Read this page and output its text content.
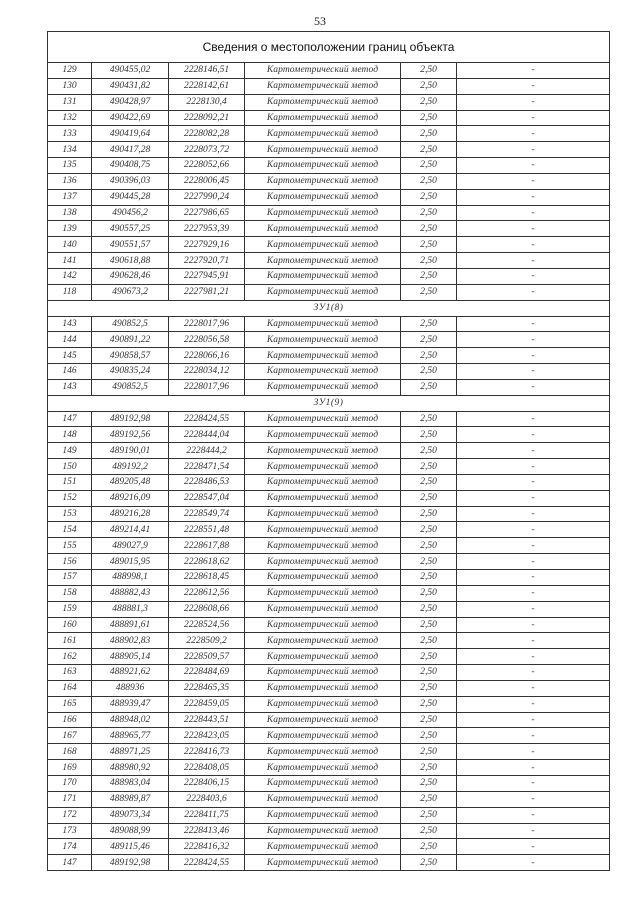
53
Сведения о местоположении границ объекта					
129	490455,02	2228146,51	Картометрический метод	2,50	-
130	490431,82	2228142,61	Картометрический метод	2,50	-
131	490428,97	2228130,4	Картометрический метод	2,50	-
132	490422,69	2228092,21	Картометрический метод	2,50	-
133	490419,64	2228082,28	Картометрический метод	2,50	-
134	490417,28	2228073,72	Картометрический метод	2,50	-
135	490408,75	2228052,66	Картометрический метод	2,50	-
136	490396,03	2228006,45	Картометрический метод	2,50	-
137	490445,28	2227990,24	Картометрический метод	2,50	-
138	490456,2	2227986,65	Картометрический метод	2,50	-
139	490557,25	2227953,39	Картометрический метод	2,50	-
140	490551,57	2227929,16	Картометрический метод	2,50	-
141	490618,88	2227920,71	Картометрический метод	2,50	-
142	490628,46	2227945,91	Картометрический метод	2,50	-
118	490673,2	2227981,21	Картометрический метод	2,50	-
ЗУ1(8)					
143	490852,5	2228017,96	Картометрический метод	2,50	-
144	490891,22	2228056,58	Картометрический метод	2,50	-
145	490858,57	2228066,16	Картометрический метод	2,50	-
146	490835,24	2228034,12	Картометрический метод	2,50	-
143	490852,5	2228017,96	Картометрический метод	2,50	-
ЗУ1(9)					
147	489192,98	2228424,55	Картометрический метод	2,50	-
148	489192,56	2228444,04	Картометрический метод	2,50	-
149	489190,01	2228444,2	Картометрический метод	2,50	-
150	489192,2	2228471,54	Картометрический метод	2,50	-
151	489205,48	2228486,53	Картометрический метод	2,50	-
152	489216,09	2228547,04	Картометрический метод	2,50	-
153	489216,28	2228549,74	Картометрический метод	2,50	-
154	489214,41	2228551,48	Картометрический метод	2,50	-
155	489027,9	2228617,88	Картометрический метод	2,50	-
156	489015,95	2228618,62	Картометрический метод	2,50	-
157	488998,1	2228618,45	Картометрический метод	2,50	-
158	488882,43	2228612,56	Картометрический метод	2,50	-
159	488881,3	2228608,66	Картометрический метод	2,50	-
160	488891,61	2228524,56	Картометрический метод	2,50	-
161	488902,83	2228509,2	Картометрический метод	2,50	-
162	488905,14	2228509,57	Картометрический метод	2,50	-
163	488921,62	2228484,69	Картометрический метод	2,50	-
164	488936	2228465,35	Картометрический метод	2,50	-
165	488939,47	2228459,05	Картометрический метод	2,50	-
166	488948,02	2228443,51	Картометрический метод	2,50	-
167	488965,77	2228423,05	Картометрический метод	2,50	-
168	488971,25	2228416,73	Картометрический метод	2,50	-
169	488980,92	2228408,05	Картометрический метод	2,50	-
170	488983,04	2228406,15	Картометрический метод	2,50	-
171	488989,87	2228403,6	Картометрический метод	2,50	-
172	489073,34	2228411,75	Картометрический метод	2,50	-
173	489088,99	2228413,46	Картометрический метод	2,50	-
174	489115,46	2228416,32	Картометрический метод	2,50	-
147	489192,98	2228424,55	Картометрический метод	2,50	-
